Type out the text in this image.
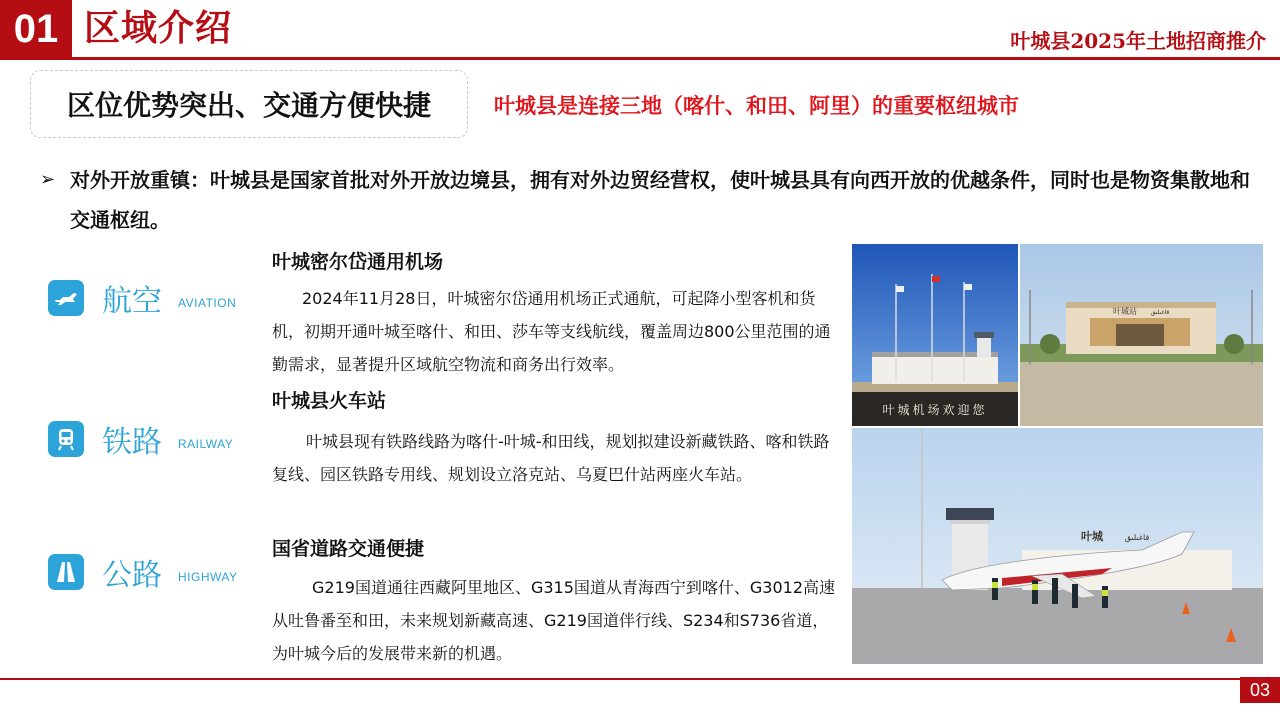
01 区域介绍	叶城县2025年土地招商推介
区位优势突出、交通方便快捷	叶城县是连接三地（喀什、和田、阿里）的重要枢纽城市
➢ 对外开放重镇：叶城县是国家首批对外开放边境县，拥有对外边贸经营权，使叶城县具有向西开放的优越条件，同时也是物资集散地和交通枢纽。
航空 AVIATION
铁路 RAILWAY
公路 HIGHWAY
叶城密尔岱通用机场
2024年11月28日，叶城密尔岱通用机场正式通航，可起降小型客机和货机，初期开通叶城至喀什、和田、莎车等支线航线，覆盖周边800公里范围的通勤需求，显著提升区域航空物流和商务出行效率。
叶城县火车站
叶城县现有铁路线路为喀什-叶城-和田线，规划拟建设新藏铁路、喀和铁路复线、园区铁路专用线、规划设立洛克站、乌夏巴什站两座火车站。
国省道路交通便捷
G219国道通往西藏阿里地区、G315国道从青海西宁到喀什、G3012高速从吐鲁番至和田，未来规划新藏高速、G219国道伴行线、S234和S736省道，为叶城今后的发展带来新的机遇。
叶城机场欢迎您
叶城站 قاغىلىق
叶城	قاغىلىق
03
